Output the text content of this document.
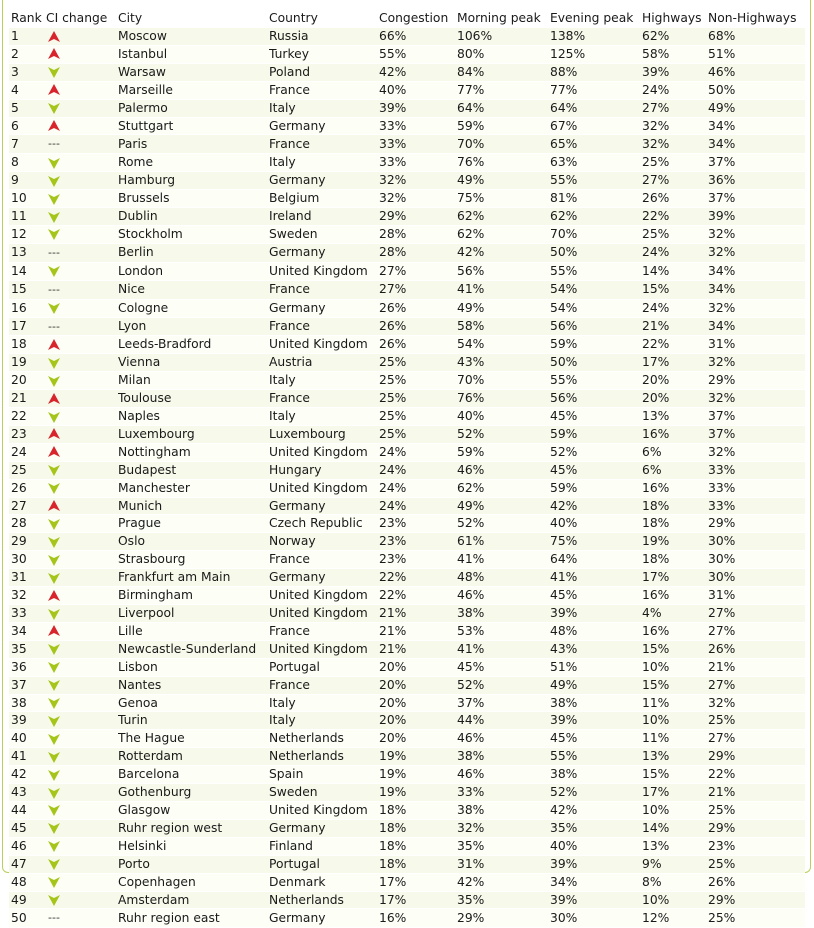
Rank	CI change	City	Country	Congestion	Morning peak	Evening peak	Highways	Non-Highways
1		Moscow	Russia	66%	106%	138%	62%	68%
2		Istanbul	Turkey	55%	80%	125%	58%	51%
3		Warsaw	Poland	42%	84%	88%	39%	46%
4		Marseille	France	40%	77%	77%	24%	50%
5		Palermo	Italy	39%	64%	64%	27%	49%
6		Stuttgart	Germany	33%	59%	67%	32%	34%
7	---	Paris	France	33%	70%	65%	32%	34%
8		Rome	Italy	33%	76%	63%	25%	37%
9		Hamburg	Germany	32%	49%	55%	27%	36%
10		Brussels	Belgium	32%	75%	81%	26%	37%
11		Dublin	Ireland	29%	62%	62%	22%	39%
12		Stockholm	Sweden	28%	62%	70%	25%	32%
13	---	Berlin	Germany	28%	42%	50%	24%	32%
14		London	United Kingdom	27%	56%	55%	14%	34%
15	---	Nice	France	27%	41%	54%	15%	34%
16		Cologne	Germany	26%	49%	54%	24%	32%
17	---	Lyon	France	26%	58%	56%	21%	34%
18		Leeds-Bradford	United Kingdom	26%	54%	59%	22%	31%
19		Vienna	Austria	25%	43%	50%	17%	32%
20		Milan	Italy	25%	70%	55%	20%	29%
21		Toulouse	France	25%	76%	56%	20%	32%
22		Naples	Italy	25%	40%	45%	13%	37%
23		Luxembourg	Luxembourg	25%	52%	59%	16%	37%
24		Nottingham	United Kingdom	24%	59%	52%	6%	32%
25		Budapest	Hungary	24%	46%	45%	6%	33%
26		Manchester	United Kingdom	24%	62%	59%	16%	33%
27		Munich	Germany	24%	49%	42%	18%	33%
28		Prague	Czech Republic	23%	52%	40%	18%	29%
29		Oslo	Norway	23%	61%	75%	19%	30%
30		Strasbourg	France	23%	41%	64%	18%	30%
31		Frankfurt am Main	Germany	22%	48%	41%	17%	30%
32		Birmingham	United Kingdom	22%	46%	45%	16%	31%
33		Liverpool	United Kingdom	21%	38%	39%	4%	27%
34		Lille	France	21%	53%	48%	16%	27%
35		Newcastle-Sunderland	United Kingdom	21%	41%	43%	15%	26%
36		Lisbon	Portugal	20%	45%	51%	10%	21%
37		Nantes	France	20%	52%	49%	15%	27%
38		Genoa	Italy	20%	37%	38%	11%	32%
39		Turin	Italy	20%	44%	39%	10%	25%
40		The Hague	Netherlands	20%	46%	45%	11%	27%
41		Rotterdam	Netherlands	19%	38%	55%	13%	29%
42		Barcelona	Spain	19%	46%	38%	15%	22%
43		Gothenburg	Sweden	19%	33%	52%	17%	21%
44		Glasgow	United Kingdom	18%	38%	42%	10%	25%
45		Ruhr region west	Germany	18%	32%	35%	14%	29%
46		Helsinki	Finland	18%	35%	40%	13%	23%
47		Porto	Portugal	18%	31%	39%	9%	25%
48		Copenhagen	Denmark	17%	42%	34%	8%	26%
49		Amsterdam	Netherlands	17%	35%	39%	10%	29%
50	---	Ruhr region east	Germany	16%	29%	30%	12%	25%
